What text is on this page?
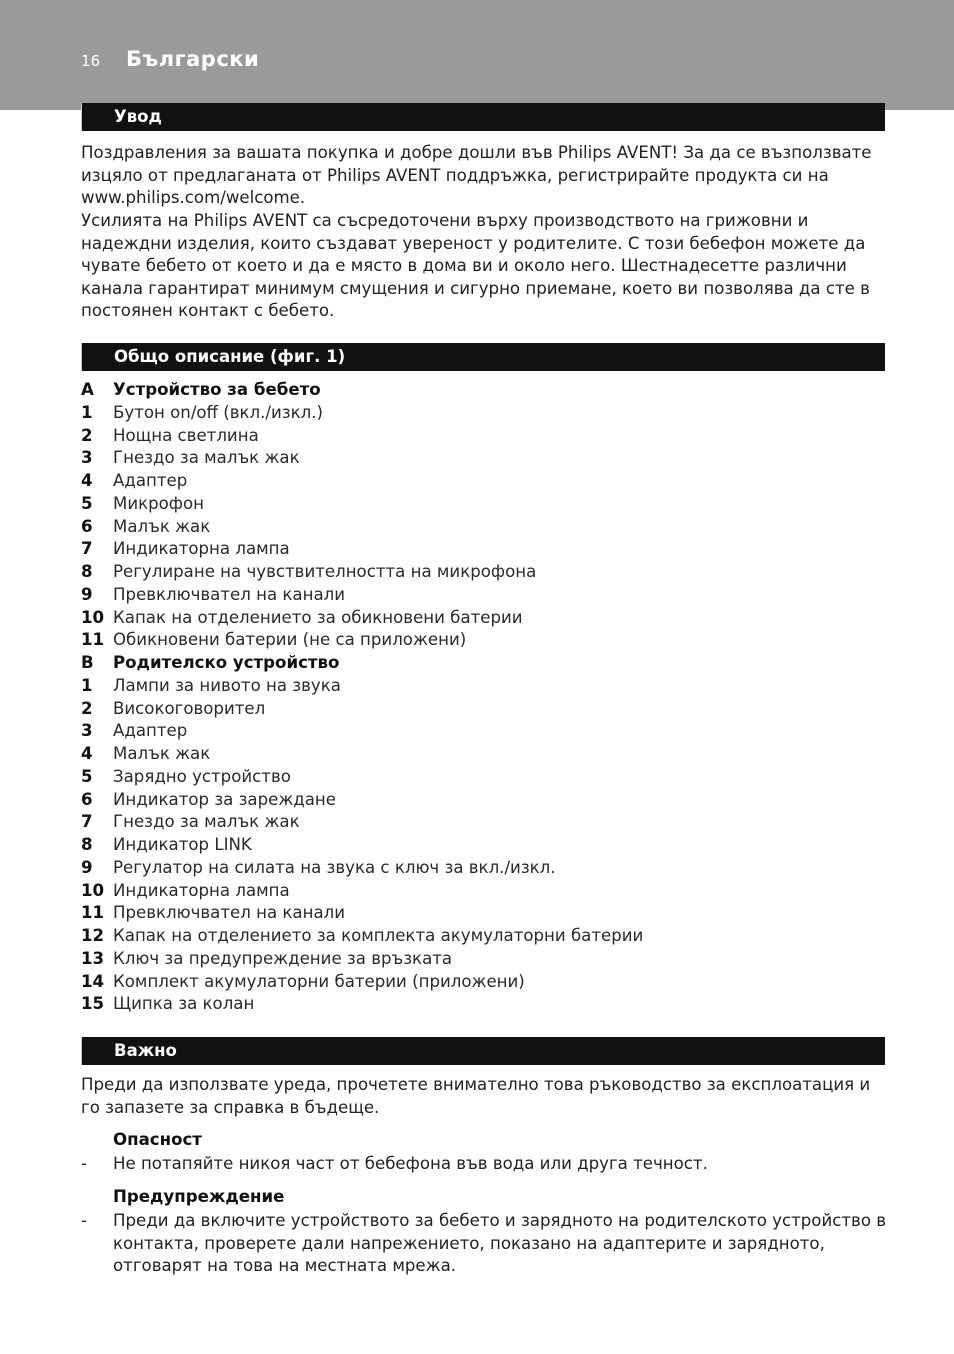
16 Български
Увод

Поздравления за вашата покупка и добре дошли във Philips AVENT! За да се възползвате изцяло от предлаганата от Philips AVENT поддръжка, регистрирайте продукта си на www.philips.com/welcome.

Усилията на Philips AVENT са съсредоточени върху производството на грижовни и надеждни изделия, които създават увереност у родителите. С този бебефон можете да чувате бебето от което и да е място в дома ви и около него. Шестнадесетте различни канала гарантират минимум смущения и сигурно приемане, което ви позволява да сте в постоянен контакт с бебето.

Общо описание (фиг. 1)
A	Устройство за бебето
1	Бутон on/off (вкл./изкл.)
2	Нощна светлина
3	Гнездо за малък жак
4	Адаптер
5	Микрофон
6	Малък жак
7	Индикаторна лампа
8	Регулиране на чувствителността на микрофона
9	Превключвател на канали
10 Капак на отделението за обикновени батерии
11 Обикновени батерии (не са приложени)
B	Родителско устройство
1	Лампи за нивото на звука
2	Високоговорител
3	Адаптер
4	Малък жак
5	Зарядно устройство
6	Индикатор за зареждане
7	Гнездо за малък жак
8	Индикатор LINK
9	Регулатор на силата на звука с ключ за вкл./изкл.
10 Индикаторна лампа
11 Превключвател на канали
12 Капак на отделението за комплекта акумулаторни батерии
13 Ключ за предупреждение за връзката
14 Комплект акумулаторни батерии (приложени)
15 Щипка за колан
Важно

Преди да използвате уреда, прочетете внимателно това ръководство за експлоатация и го запазете за справка в бъдеще.

Опасност
- Не потапяйте никоя част от бебефона във вода или друга течност.

Предупреждение
- Преди да включите устройството за бебето и зарядното на родителското устройство в контакта, проверете дали напрежението, показано на адаптерите и зарядното, отговарят на това на местната мрежа.
